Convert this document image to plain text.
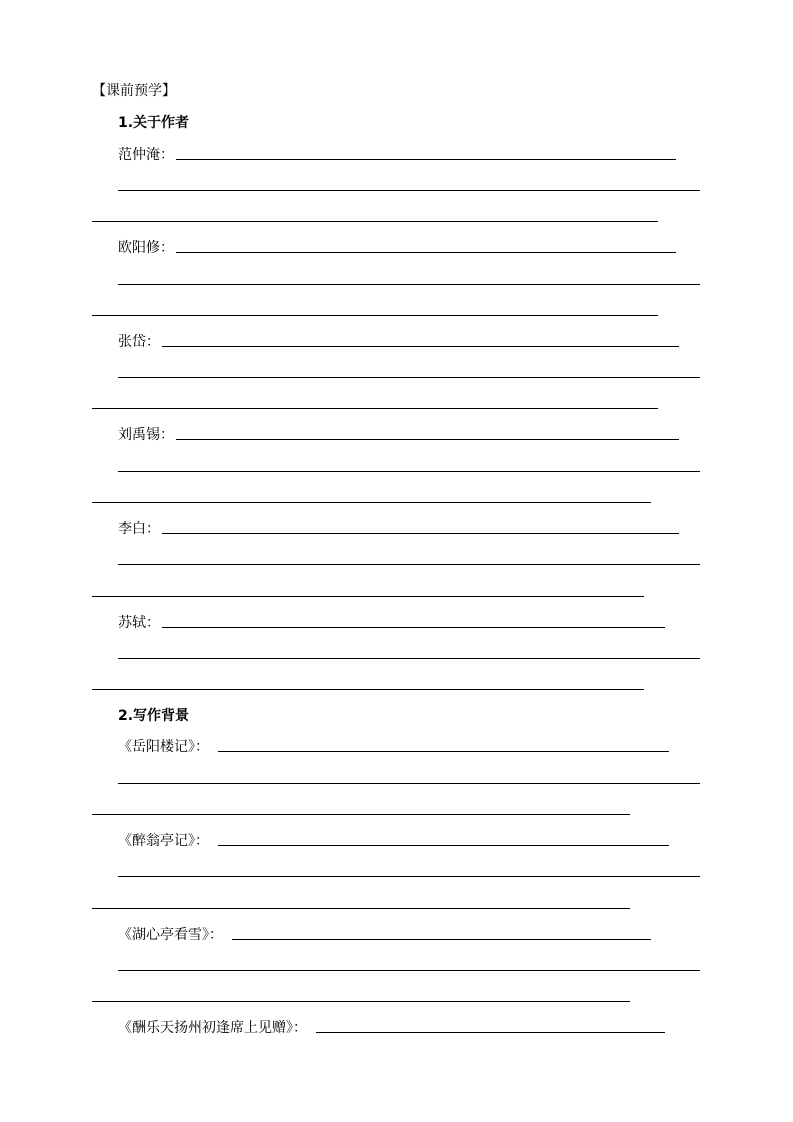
【课前预学】
1.关于作者
范仲淹：
欧阳修：
张岱：
刘禹锡：
李白：
苏轼：
2.写作背景
《岳阳楼记》：
《醉翁亭记》：
《湖心亭看雪》：
《酬乐天扬州初逢席上见赠》：
